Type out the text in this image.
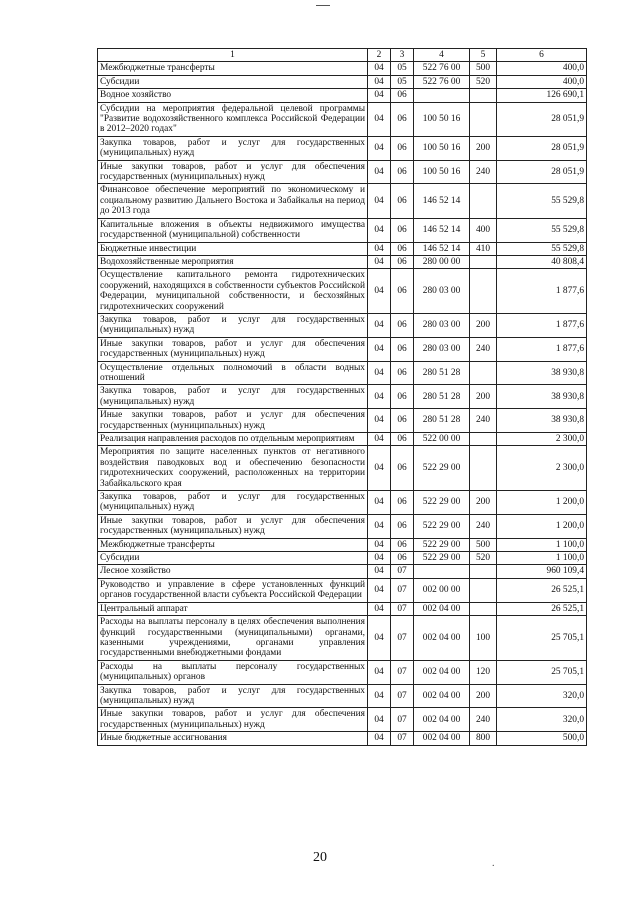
1	2	3	4	5	6
Межбюджетные трансферты	04	05	522 76 00	500	400,0
Субсидии	04	05	522 76 00	520	400,0
Водное хозяйство	04	06			126 690,1
Субсидии на мероприятия федеральной целевой программы "Развитие водохозяйственного комплекса Российской Федерации в 2012–2020 годах"	04	06	100 50 16		28 051,9
Закупка товаров, работ и услуг для государственных (муниципальных) нужд	04	06	100 50 16	200	28 051,9
Иные закупки товаров, работ и услуг для обеспечения государственных (муниципальных) нужд	04	06	100 50 16	240	28 051,9
Финансовое обеспечение мероприятий по экономическому и социальному развитию Дальнего Востока и Забайкалья на период до 2013 года	04	06	146 52 14		55 529,8
Капитальные вложения в объекты недвижимого имущества государственной (муниципальной) собственности	04	06	146 52 14	400	55 529,8
Бюджетные инвестиции	04	06	146 52 14	410	55 529,8
Водохозяйственные мероприятия	04	06	280 00 00		40 808,4
Осуществление капитального ремонта гидротехнических сооружений, находящихся в собственности субъектов Российской Федерации, муниципальной собственности, и бесхозяйных гидротехнических сооружений	04	06	280 03 00		1 877,6
Закупка товаров, работ и услуг для государственных (муниципальных) нужд	04	06	280 03 00	200	1 877,6
Иные закупки товаров, работ и услуг для обеспечения государственных (муниципальных) нужд	04	06	280 03 00	240	1 877,6
Осуществление отдельных полномочий в области водных отношений	04	06	280 51 28		38 930,8
Закупка товаров, работ и услуг для государственных (муниципальных) нужд	04	06	280 51 28	200	38 930,8
Иные закупки товаров, работ и услуг для обеспечения государственных (муниципальных) нужд	04	06	280 51 28	240	38 930,8
Реализация направления расходов по отдельным мероприятиям	04	06	522 00 00		2 300,0
Мероприятия по защите населенных пунктов от негативного воздействия паводковых вод и обеспечению безопасности гидротехнических сооружений, расположенных на территории Забайкальского края	04	06	522 29 00		2 300,0
Закупка товаров, работ и услуг для государственных (муниципальных) нужд	04	06	522 29 00	200	1 200,0
Иные закупки товаров, работ и услуг для обеспечения государственных (муниципальных) нужд	04	06	522 29 00	240	1 200,0
Межбюджетные трансферты	04	06	522 29 00	500	1 100,0
Субсидии	04	06	522 29 00	520	1 100,0
Лесное хозяйство	04	07			960 109,4
Руководство и управление в сфере установленных функций органов государственной власти субъекта Российской Федерации	04	07	002 00 00		26 525,1
Центральный аппарат	04	07	002 04 00		26 525,1
Расходы на выплаты персоналу в целях обеспечения выполнения функций государственными (муниципальными) органами, казенными учреждениями, органами управления государственными внебюджетными фондами	04	07	002 04 00	100	25 705,1
Расходы на выплаты персоналу государственных (муниципальных) органов	04	07	002 04 00	120	25 705,1
Закупка товаров, работ и услуг для государственных (муниципальных) нужд	04	07	002 04 00	200	320,0
Иные закупки товаров, работ и услуг для обеспечения государственных (муниципальных) нужд	04	07	002 04 00	240	320,0
Иные бюджетные ассигнования	04	07	002 04 00	800	500,0
20	.
